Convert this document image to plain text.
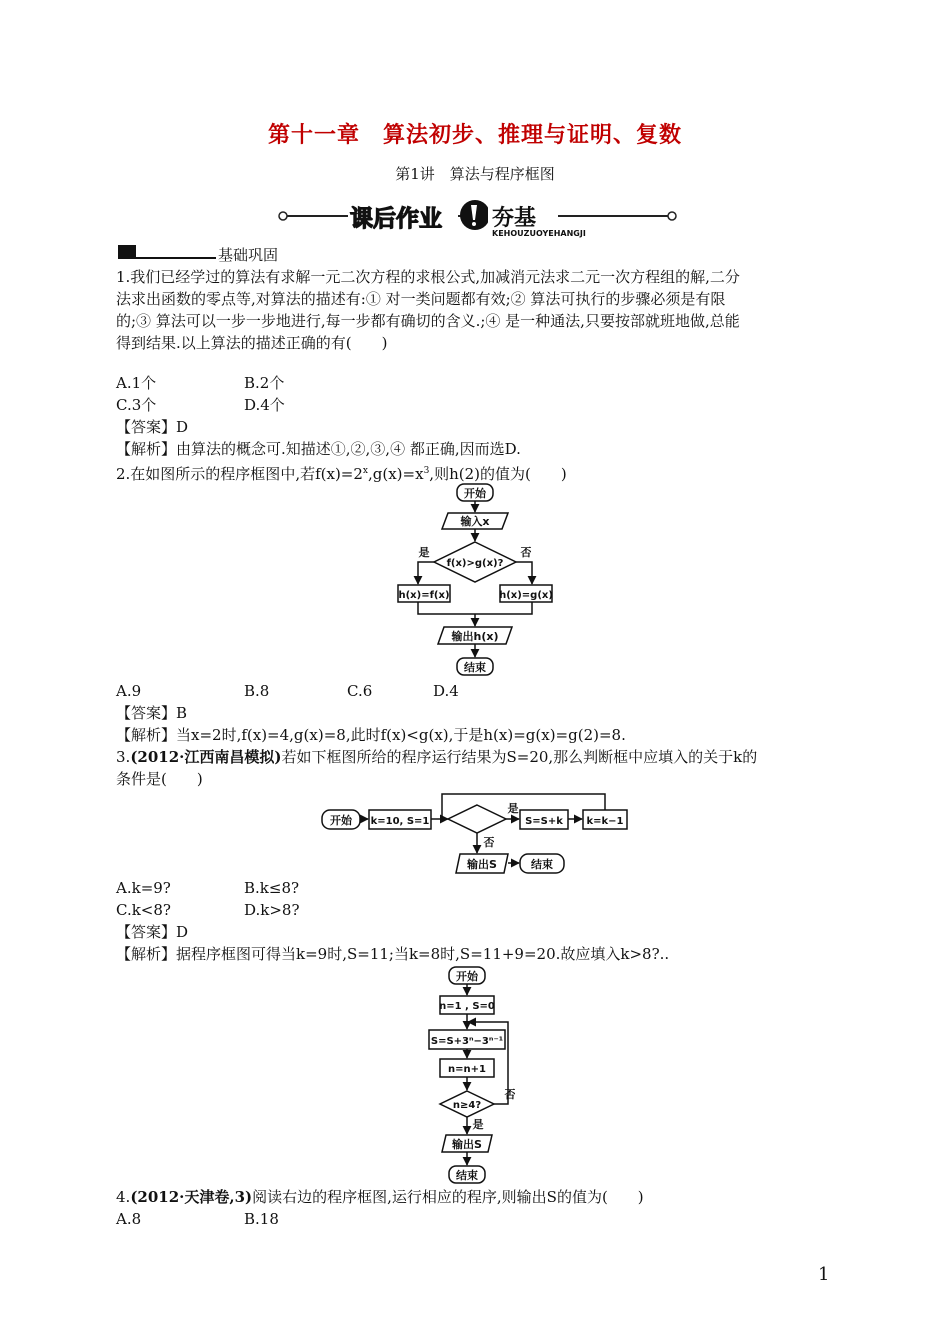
第十一章　算法初步、推理与证明、复数
第1讲　算法与程序框图
课后作业 夯基
KEHOUZUOYEHANGJI
基础巩固
1.我们已经学过的算法有求解一元二次方程的求根公式,加减消元法求二元一次方程组的解,二分
法求出函数的零点等,对算法的描述有:① 对一类问题都有效;② 算法可执行的步骤必须是有限
的;③ 算法可以一步一步地进行,每一步都有确切的含义.;④ 是一种通法,只要按部就班地做,总能
得到结果.以上算法的描述正确的有(　　)
A.1个	B.2个
C.3个	D.4个
【答案】D
【解析】由算法的概念可.知描述①,②,③,④ 都正确,因而选D.
2.在如图所示的程序框图中,若$f(x)=2^x,g(x)=x^3$,则h(2)的值为(　　)
开始
输入x
f(x)>g(x)?
是	否
h(x)=f(x)	h(x)=g(x)
输出h(x)
结束
A.9	B.8	C.6	D.4
【答案】B
【解析】当x=2时,f(x)=4,g(x)=8,此时f(x)<g(x),于是h(x)=g(x)=g(2)=8.
3.(2012·江西南昌模拟)若如下框图所给的程序运行结果为S=20,那么判断框中应填入的关于k的
条件是(　　)
开始 k=10, S=1
是
S=S+k k=k−1
否
输出S	结束
A.k=9?	B.k≤8?
C.k<8?	D.k>8?
【答案】D
【解析】据程序框图可得当k=9时,S=11;当k=8时,S=11+9=20.故应填入k>8?..
开始
n=1 , S=0
S=S+3ⁿ−3ⁿ⁻¹
n=n+1
n≥4?
否
是
输出S
结束
4.(2012·天津卷,3)阅读右边的程序框图,运行相应的程序,则输出S的值为(　　)
A.8	B.18
1
